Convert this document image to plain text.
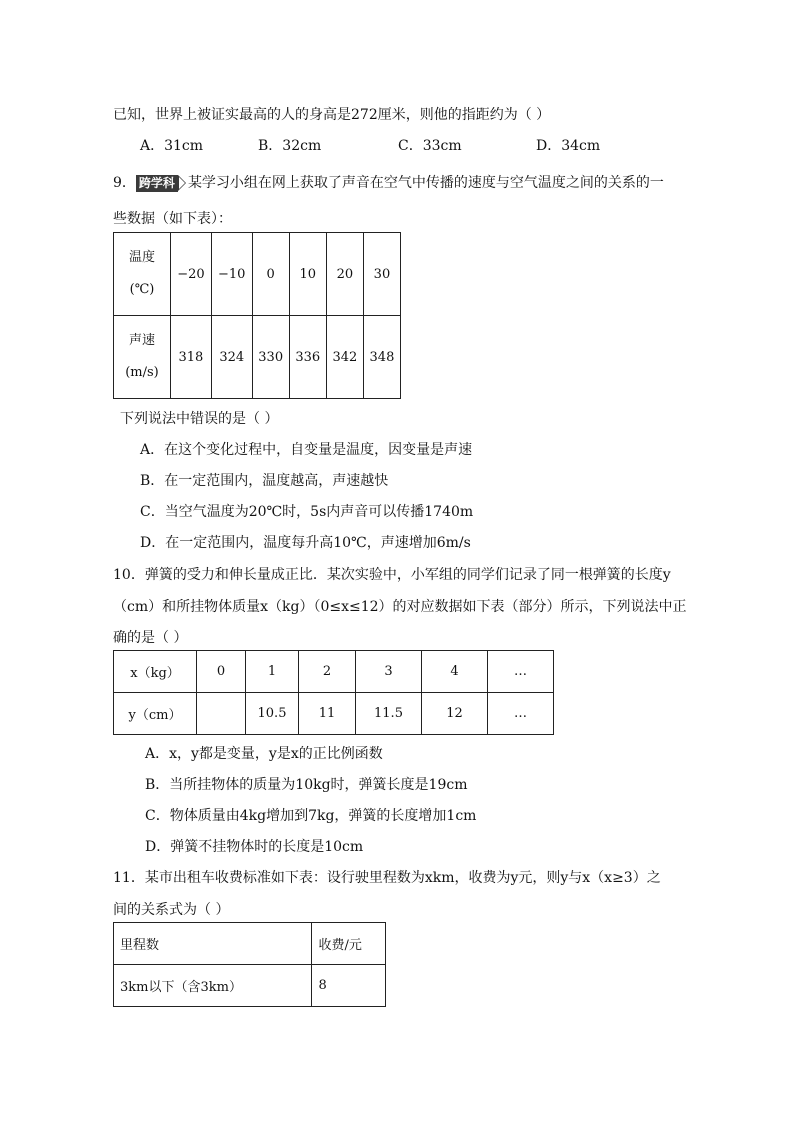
已知，世界上被证实最高的人的身高是272厘米，则他的指距约为（ ）
A．31cm	B．32cm	C．33cm	D．34cm
9． 跨学科 某学习小组在网上获取了声音在空气中传播的速度与空气温度之间的关系的一
些数据（如下表）：
温度
(℃)	−20	−10	0	10	20	30

声速
(m/s)	318	324	330	336	342	348
下列说法中错误的是（ ）
A．在这个变化过程中，自变量是温度，因变量是声速
B．在一定范围内，温度越高，声速越快
C．当空气温度为20℃时，5s内声音可以传播1740m
D．在一定范围内，温度每升高10℃，声速增加6m/s
10．弹簧的受力和伸长量成正比．某次实验中，小军组的同学们记录了同一根弹簧的长度y
（cm）和所挂物体质量x（kg）（0≤x≤12）的对应数据如下表（部分）所示，下列说法中正
确的是（ ）
x（kg）	0	1	2	3	4	…
y（cm）		10.5	11	11.5	12	…
A．x，y都是变量，y是x的正比例函数
B．当所挂物体的质量为10kg时，弹簧长度是19cm
C．物体质量由4kg增加到7kg，弹簧的长度增加1cm
D．弹簧不挂物体时的长度是10cm
11．某市出租车收费标准如下表：设行驶里程数为xkm，收费为y元，则y与x（x≥3）之
间的关系式为（ ）
里程数	收费/元
3km以下（含3km）	8
